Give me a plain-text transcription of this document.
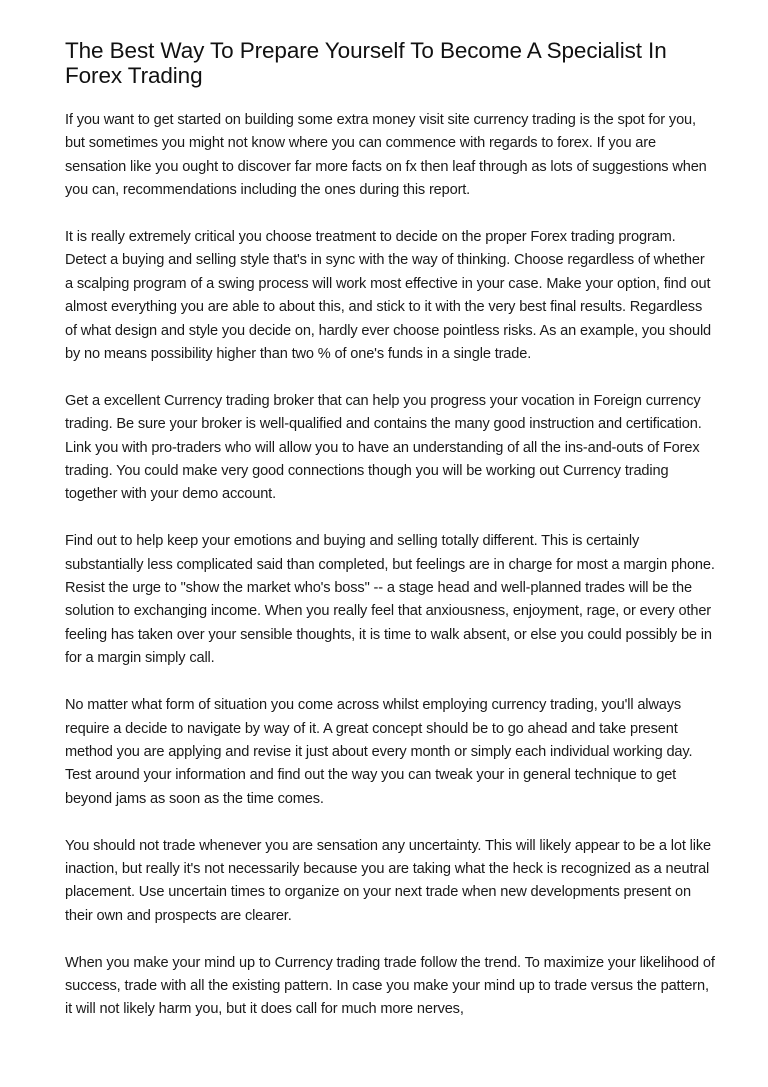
The Best Way To Prepare Yourself To Become A Specialist In Forex Trading

If you want to get started on building some extra money visit site currency trading is the spot for you, but sometimes you might not know where you can commence with regards to forex. If you are sensation like you ought to discover far more facts on fx then leaf through as lots of suggestions when you can, recommendations including the ones during this report.

It is really extremely critical you choose treatment to decide on the proper Forex trading program. Detect a buying and selling style that's in sync with the way of thinking. Choose regardless of whether a scalping program of a swing process will work most effective in your case. Make your option, find out almost everything you are able to about this, and stick to it with the very best final results. Regardless of what design and style you decide on, hardly ever choose pointless risks. As an example, you should by no means possibility higher than two % of one's funds in a single trade.

Get a excellent Currency trading broker that can help you progress your vocation in Foreign currency trading. Be sure your broker is well-qualified and contains the many good instruction and certification. Link you with pro-traders who will allow you to have an understanding of all the ins-and-outs of Forex trading. You could make very good connections though you will be working out Currency trading together with your demo account.

Find out to help keep your emotions and buying and selling totally different. This is certainly substantially less complicated said than completed, but feelings are in charge for most a margin phone. Resist the urge to "show the market who's boss" -- a stage head and well-planned trades will be the solution to exchanging income. When you really feel that anxiousness, enjoyment, rage, or every other feeling has taken over your sensible thoughts, it is time to walk absent, or else you could possibly be in for a margin simply call.

No matter what form of situation you come across whilst employing currency trading, you'll always require a decide to navigate by way of it. A great concept should be to go ahead and take present method you are applying and revise it just about every month or simply each individual working day. Test around your information and find out the way you can tweak your in general technique to get beyond jams as soon as the time comes.

You should not trade whenever you are sensation any uncertainty. This will likely appear to be a lot like inaction, but really it's not necessarily because you are taking what the heck is recognized as a neutral placement. Use uncertain times to organize on your next trade when new developments present on their own and prospects are clearer.

When you make your mind up to Currency trading trade follow the trend. To maximize your likelihood of success, trade with all the existing pattern. In case you make your mind up to trade versus the pattern, it will not likely harm you, but it does call for much more nerves,
